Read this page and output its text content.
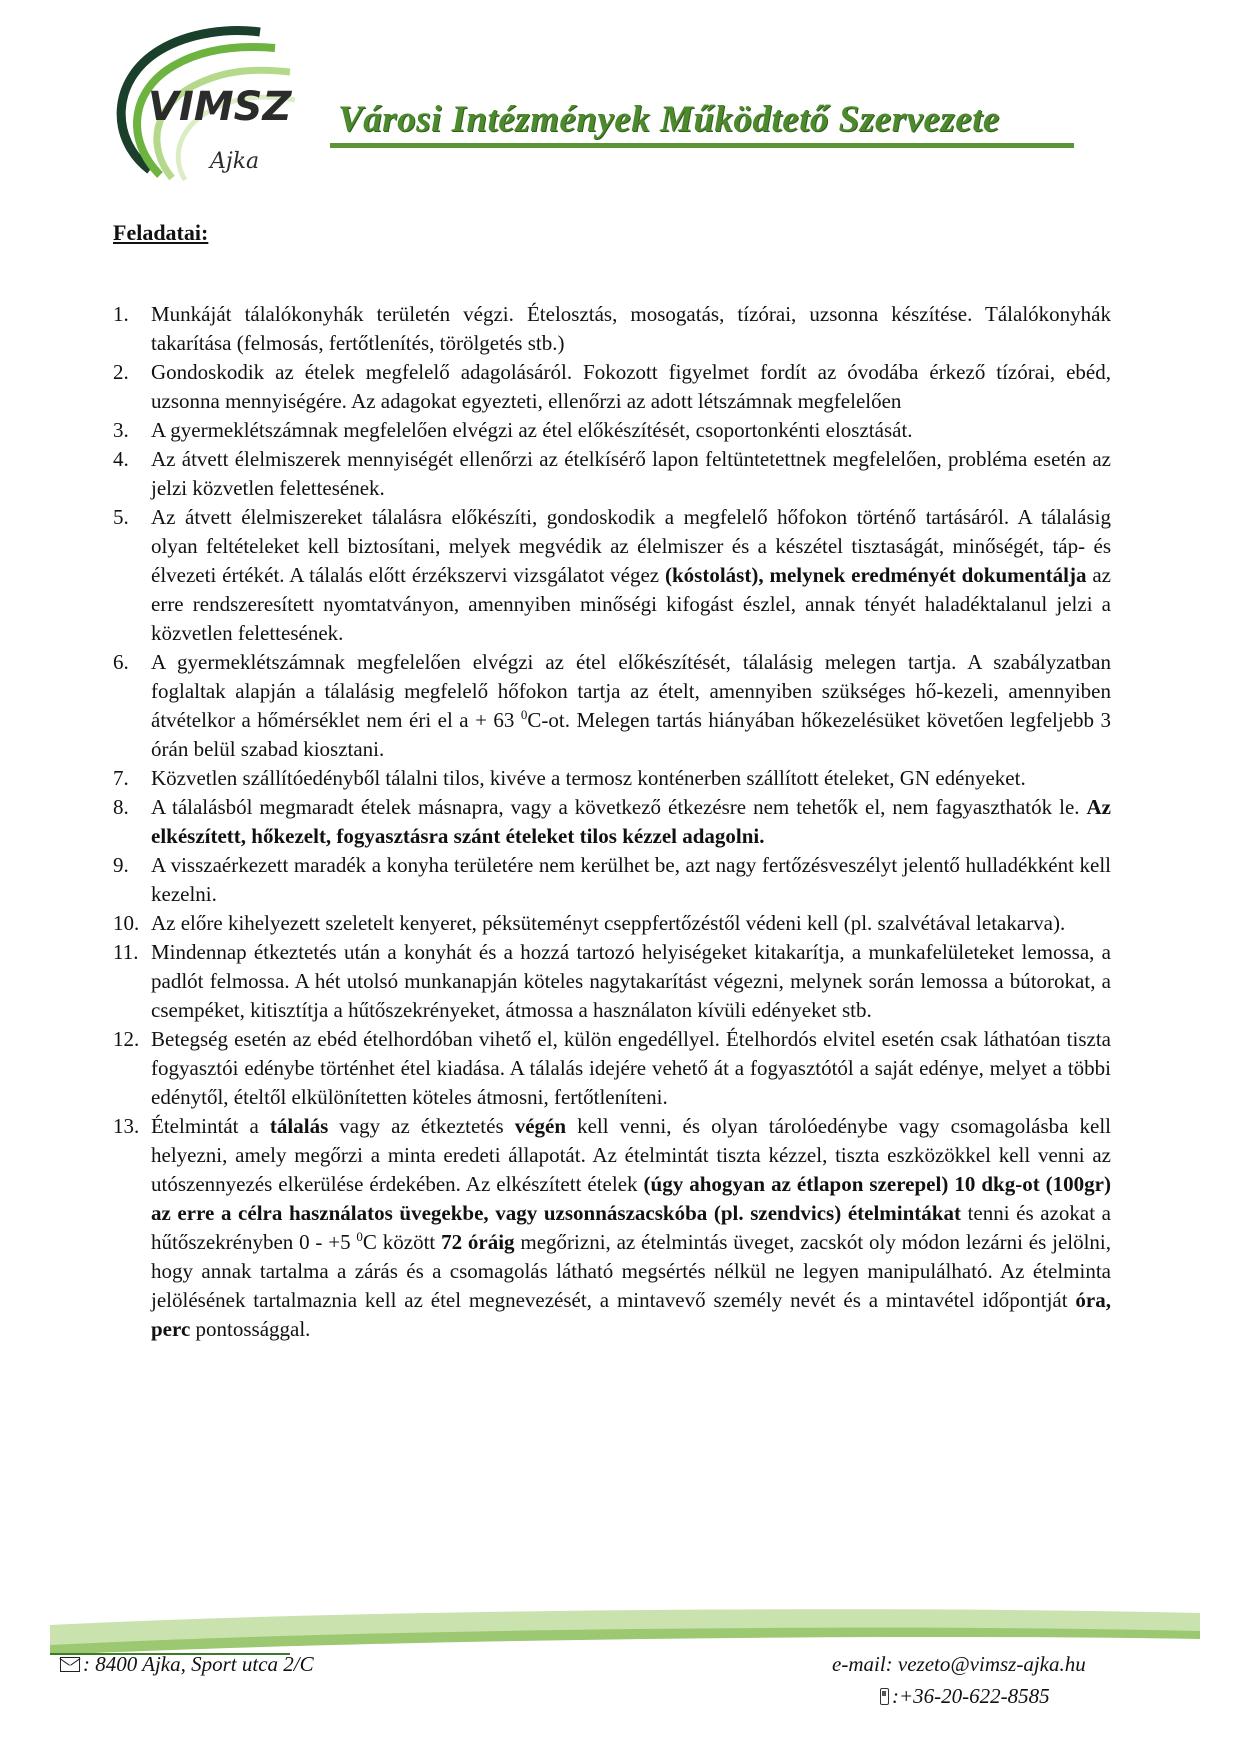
VIMSZ
Ajka
Városi Intézmények Működtető Szervezete
Feladatai:
1.	Munkáját tálalókonyhák területén végzi. Ételosztás, mosogatás, tízórai, uzsonna készítése. Tálalókonyhák takarítása (felmosás, fertőtlenítés, törölgetés stb.)
2.	Gondoskodik az ételek megfelelő adagolásáról. Fokozott figyelmet fordít az óvodába érkező tízórai, ebéd, uzsonna mennyiségére. Az adagokat egyezteti, ellenőrzi az adott létszámnak megfelelően
3.	A gyermeklétszámnak megfelelően elvégzi az étel előkészítését, csoportonkénti elosztását.
4.	Az átvett élelmiszerek mennyiségét ellenőrzi az ételkísérő lapon feltüntetettnek megfelelően, probléma esetén az jelzi közvetlen felettesének.
5.	Az átvett élelmiszereket tálalásra előkészíti, gondoskodik a megfelelő hőfokon történő tartásáról. A tálalásig olyan feltételeket kell biztosítani, melyek megvédik az élelmiszer és a készétel tisztaságát, minőségét, táp- és élvezeti értékét. A tálalás előtt érzékszervi vizsgálatot végez (kóstolást), melynek eredményét dokumentálja az erre rendszeresített nyomtatványon, amennyiben minőségi kifogást észlel, annak tényét haladéktalanul jelzi a közvetlen felettesének.
6.	A gyermeklétszámnak megfelelően elvégzi az étel előkészítését, tálalásig melegen tartja. A szabályzatban foglaltak alapján a tálalásig megfelelő hőfokon tartja az ételt, amennyiben szükséges hő-kezeli, amennyiben átvételkor a hőmérséklet nem éri el a + 63 $^0$C-ot. Melegen tartás hiányában hőkezelésüket követően legfeljebb 3 órán belül szabad kiosztani.
7.	Közvetlen szállítóedényből tálalni tilos, kivéve a termosz konténerben szállított ételeket, GN edényeket.
8.	A tálalásból megmaradt ételek másnapra, vagy a következő étkezésre nem tehetők el, nem fagyaszthatók le. Az elkészített, hőkezelt, fogyasztásra szánt ételeket tilos kézzel adagolni.
9.	A visszaérkezett maradék a konyha területére nem kerülhet be, azt nagy fertőzésveszélyt jelentő hulladékként kell kezelni.
10. Az előre kihelyezett szeletelt kenyeret, péksüteményt cseppfertőzéstől védeni kell (pl. szalvétával letakarva).
11. Mindennap étkeztetés után a konyhát és a hozzá tartozó helyiségeket kitakarítja, a munkafelületeket lemossa, a padlót felmossa. A hét utolsó munkanapján köteles nagytakarítást végezni, melynek során lemossa a bútorokat, a csempéket, kitisztítja a hűtőszekrényeket, átmossa a használaton kívüli edényeket stb.
12. Betegség esetén az ebéd ételhordóban vihető el, külön engedéllyel. Ételhordós elvitel esetén csak láthatóan tiszta fogyasztói edénybe történhet étel kiadása. A tálalás idejére vehető át a fogyasztótól a saját edénye, melyet a többi edénytől, ételtől elkülönítetten köteles átmosni, fertőtleníteni.
13. Ételmintát a tálalás vagy az étkeztetés végén kell venni, és olyan tárolóedénybe vagy csomagolásba kell helyezni, amely megőrzi a minta eredeti állapotát. Az ételmintát tiszta kézzel, tiszta eszközökkel kell venni az utószennyezés elkerülése érdekében. Az elkészített ételek (úgy ahogyan az étlapon szerepel) 10 dkg-ot (100gr) az erre a célra használatos üvegekbe, vagy uzsonnászacskóba (pl. szendvics) ételmintákat tenni és azokat a hűtőszekrényben 0 - +5 $^0$C között 72 óráig megőrizni, az ételmintás üveget, zacskót oly módon lezárni és jelölni, hogy annak tartalma a zárás és a csomagolás látható megsértés nélkül ne legyen manipulálható. Az ételminta jelölésének tartalmaznia kell az étel megnevezését, a mintavevő személy nevét és a mintavétel időpontját óra, perc pontossággal.
: 8400 Ajka, Sport utca 2/C	e-mail: vezeto@vimsz-ajka.hu
:+36-20-622-8585
